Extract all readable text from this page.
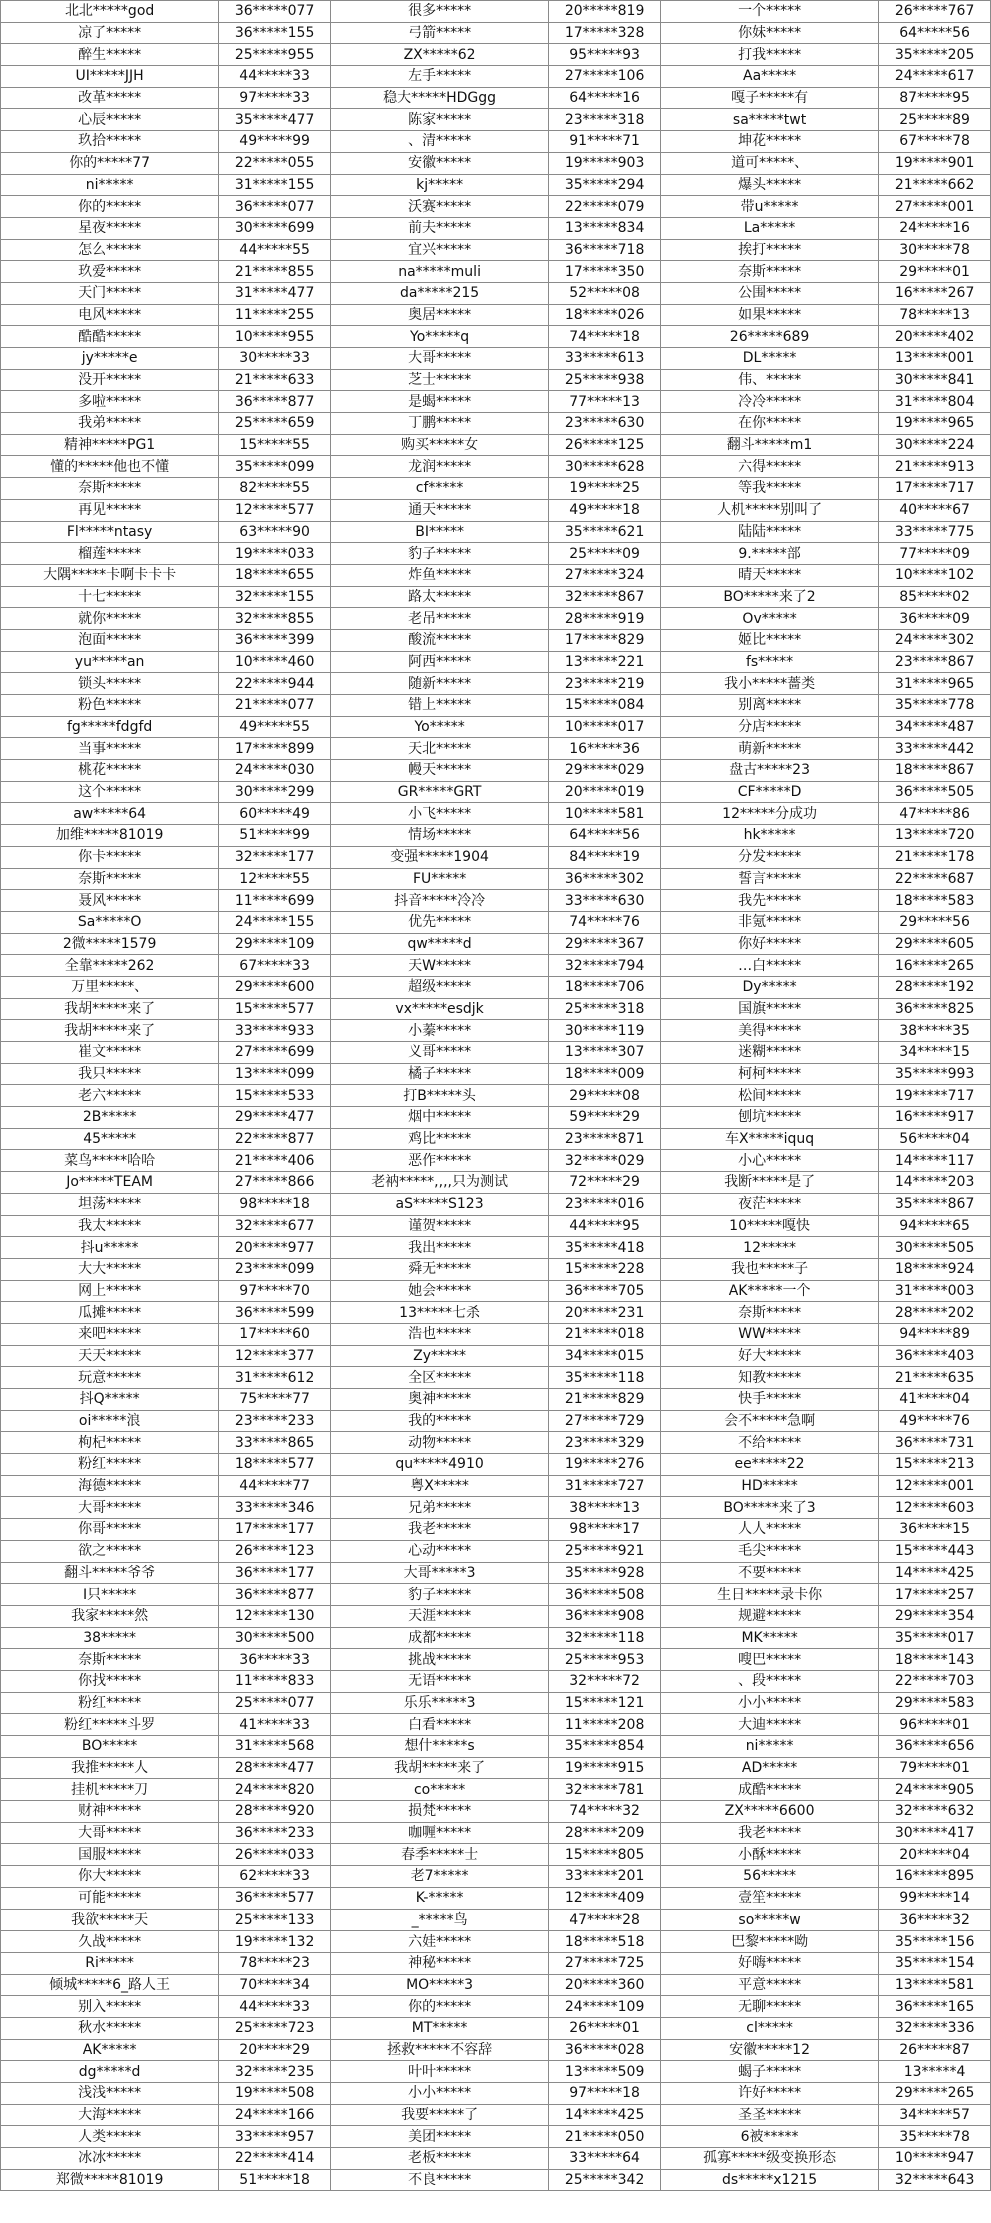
北北*****god	36*****077	很多*****	20*****819	一个*****	26*****767
凉了*****	36*****155	弓箭*****	17*****328	你妹*****	64*****56
醉生*****	25*****955	ZX*****62	95*****93	打我*****	35*****205
UI*****JJH	44*****33	左手*****	27*****106	Aa*****	24*****617
改革*****	97*****33	稳大*****HDGgg	64*****16	嘎子*****有	87*****95
心辰*****	35*****477	陈家*****	23*****318	sa*****twt	25*****89
玖拾*****	49*****99	、清*****	91*****71	坤花*****	67*****78
你的*****77	22*****055	安徽*****	19*****903	道可*****、	19*****901
ni*****	31*****155	kj*****	35*****294	爆头*****	21*****662
你的*****	36*****077	沃赛*****	22*****079	带u*****	27*****001
星夜*****	30*****699	前夫*****	13*****834	La*****	24*****16
怎么*****	44*****55	宜兴*****	36*****718	挨打*****	30*****78
玖爱*****	21*****855	na*****muli	17*****350	奈斯*****	29*****01
天门*****	31*****477	da*****215	52*****08	公围*****	16*****267
电风*****	11*****255	奥居*****	18*****026	如果*****	78*****13
酷酷*****	10*****955	Yo*****q	74*****18	26*****689	20*****402
jy*****e	30*****33	大哥*****	33*****613	DL*****	13*****001
没开*****	21*****633	芝士*****	25*****938	伟、*****	30*****841
多啦*****	36*****877	是蝎*****	77*****13	冷冷*****	31*****804
我弟*****	25*****659	丁鹏*****	23*****630	在你*****	19*****965
精神*****PG1	15*****55	购买*****女	26*****125	翻斗*****m1	30*****224
懂的*****他也不懂	35*****099	龙润*****	30*****628	六得*****	21*****913
奈斯*****	82*****55	cf*****	19*****25	等我*****	17*****717
再见*****	12*****577	通天*****	49*****18	人机*****别叫了	40*****67
Fl*****ntasy	63*****90	BI*****	35*****621	陆陆*****	33*****775
榴莲*****	19*****033	豹子*****	25*****09	9.*****部	77*****09
大隅*****卡啊卡卡卡	18*****655	炸鱼*****	27*****324	晴天*****	10*****102
十七*****	32*****155	路太*****	32*****867	BO*****来了2	85*****02
就你*****	32*****855	老吊*****	28*****919	Ov*****	36*****09
泡面*****	36*****399	酸流*****	17*****829	姬比*****	24*****302
yu*****an	10*****460	阿西*****	13*****221	fs*****	23*****867
锁头*****	22*****944	随新*****	23*****219	我小*****薔类	31*****965
粉色*****	21*****077	错上*****	15*****084	别离*****	35*****778
fg*****fdgfd	49*****55	Yo*****	10*****017	分店*****	34*****487
当事*****	17*****899	天北*****	16*****36	萌新*****	33*****442
桃花*****	24*****030	幔天*****	29*****029	盘古*****23	18*****867
这个*****	30*****299	GR*****GRT	20*****019	CF*****D	36*****505
aw*****64	60*****49	小飞*****	10*****581	12*****分成功	47*****86
加维*****81019	51*****99	情场*****	64*****56	hk*****	13*****720
你卡*****	32*****177	变强*****1904	84*****19	分发*****	21*****178
奈斯*****	12*****55	FU*****	36*****302	誓言*****	22*****687
聂风*****	11*****699	抖音*****冷冷	33*****630	我先*****	18*****583
Sa*****O	24*****155	优先*****	74*****76	非氪*****	29*****56
2微*****1579	29*****109	qw*****d	29*****367	你好*****	29*****605
全靠*****262	67*****33	天W*****	32*****794	…白*****	16*****265
万里*****、	29*****600	超级*****	18*****706	Dy*****	28*****192
我胡*****来了	15*****577	vx*****esdjk	25*****318	国旗*****	36*****825
我胡*****来了	33*****933	小蓁*****	30*****119	美得*****	38*****35
崔文*****	27*****699	义哥*****	13*****307	迷糊*****	34*****15
我只*****	13*****099	橘子*****	18*****009	柯柯*****	35*****993
老六*****	15*****533	打B*****头	29*****08	松间*****	19*****717
2B*****	29*****477	烟中*****	59*****29	刨坑*****	16*****917
45*****	22*****877	鸡比*****	23*****871	车X*****iquq	56*****04
菜鸟*****哈哈	21*****406	恶作*****	32*****029	小心*****	14*****117
Jo*****TEAM	27*****866	老衲*****,,,,只为测试	72*****29	我断*****是了	14*****203
坦荡*****	98*****18	aS*****S123	23*****016	夜茫*****	35*****867
我太*****	32*****677	谨贺*****	44*****95	10*****嘎快	94*****65
抖u*****	20*****977	我出*****	35*****418	12*****	30*****505
大大*****	23*****099	舜无*****	15*****228	我也*****子	18*****924
网上*****	97*****70	她会*****	36*****705	AK*****一个	31*****003
瓜摊*****	36*****599	13*****七杀	20*****231	奈斯*****	28*****202
来吧*****	17*****60	浩也*****	21*****018	WW*****	94*****89
天天*****	12*****377	Zy*****	34*****015	好大*****	36*****403
玩意*****	31*****612	全区*****	35*****118	知教*****	21*****635
抖Q*****	75*****77	奥神*****	21*****829	快手*****	41*****04
oi*****浪	23*****233	我的*****	27*****729	会不*****急啊	49*****76
枸杞*****	33*****865	动物*****	23*****329	不给*****	36*****731
粉红*****	18*****577	qu*****4910	19*****276	ee*****22	15*****213
海德*****	44*****77	粤X*****	31*****727	HD*****	12*****001
大哥*****	33*****346	兄弟*****	38*****13	BO*****来了3	12*****603
你哥*****	17*****177	我老*****	98*****17	人人*****	36*****15
欲之*****	26*****123	心动*****	25*****921	毛尖*****	15*****443
翻斗*****爷爷	36*****177	大哥*****3	35*****928	不要*****	14*****425
I只*****	36*****877	豹子*****	36*****508	生日*****录卡你	17*****257
我家*****然	12*****130	天涯*****	36*****908	规避*****	29*****354
38*****	30*****500	成都*****	32*****118	MK*****	35*****017
奈斯*****	36*****33	挑战*****	25*****953	嗖巴*****	18*****143
你找*****	11*****833	无语*****	32*****72	、段*****	22*****703
粉红*****	25*****077	乐乐*****3	15*****121	小小*****	29*****583
粉红*****斗罗	41*****33	白看*****	11*****208	大迪*****	96*****01
BO*****	31*****568	想什*****s	35*****854	ni*****	36*****656
我推*****人	28*****477	我胡*****来了	19*****915	AD*****	79*****01
挂机*****刀	24*****820	co*****	32*****781	成酷*****	24*****905
财神*****	28*****920	损梵*****	74*****32	ZX*****6600	32*****632
大哥*****	36*****233	咖喱*****	28*****209	我老*****	30*****417
国服*****	26*****033	春季*****士	15*****805	小酥*****	20*****04
你大*****	62*****33	老7*****	33*****201	56*****	16*****895
可能*****	36*****577	K-*****	12*****409	壹笙*****	99*****14
我欲*****天	25*****133	_*****鸟	47*****28	so*****w	36*****32
久战*****	19*****132	六娃*****	18*****518	巴黎*****呦	35*****156
Ri*****	78*****23	神秘*****	27*****725	好嗨*****	35*****154
倾城*****6_路人王	70*****34	MO*****3	20*****360	平意*****	13*****581
别入*****	44*****33	你的*****	24*****109	无聊*****	36*****165
秋水*****	25*****723	MT*****	26*****01	cl*****	32*****336
AK*****	20*****29	拯救*****不容辞	36*****028	安徽*****12	26*****87
dg*****d	32*****235	叶叶*****	13*****509	蝎子*****	13*****4
浅浅*****	19*****508	小小*****	97*****18	许好*****	29*****265
大海*****	24*****166	我要*****了	14*****425	圣圣*****	34*****57
人类*****	33*****957	美团*****	21*****050	6被*****	35*****78
冰冰*****	22*****414	老板*****	33*****64	孤寡*****级变换形态	10*****947
郑微*****81019	51*****18	不良*****	25*****342	ds*****x1215	32*****643
